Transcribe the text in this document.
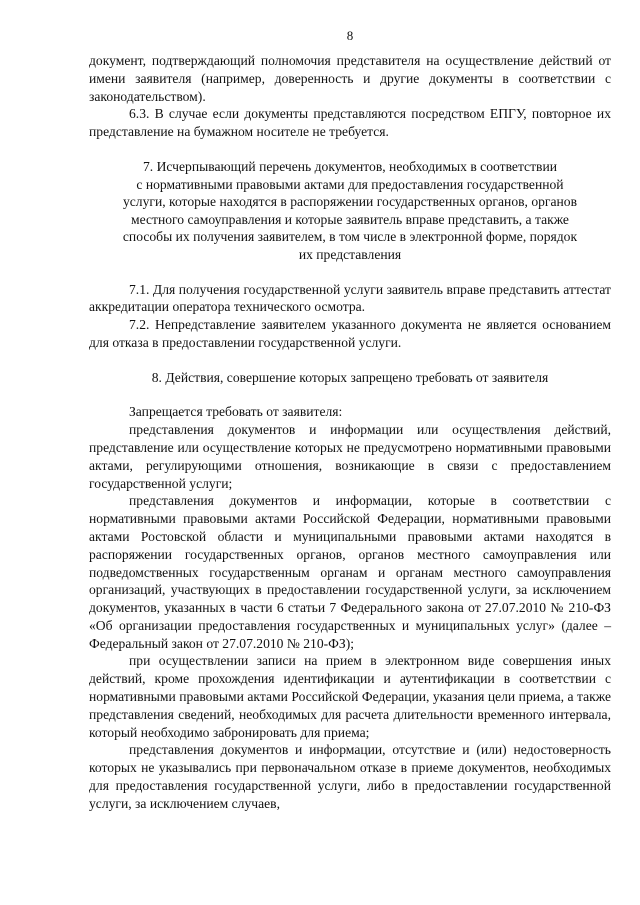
8

документ, подтверждающий полномочия представителя на осуществление действий от имени заявителя (например, доверенность и другие документы в соответствии с законодательством).

6.3. В случае если документы представляются посредством ЕПГУ, повторное их представление на бумажном носителе не требуется.

7. Исчерпывающий перечень документов, необходимых в соответствии
с нормативными правовыми актами для предоставления государственной
услуги, которые находятся в распоряжении государственных органов, органов
местного самоуправления и которые заявитель вправе представить, а также
способы их получения заявителем, в том числе в электронной форме, порядок
их представления

7.1. Для получения государственной услуги заявитель вправе представить аттестат аккредитации оператора технического осмотра.

7.2. Непредставление заявителем указанного документа не является основанием для отказа в предоставлении государственной услуги.

8. Действия, совершение которых запрещено требовать от заявителя

Запрещается требовать от заявителя:

представления документов и информации или осуществления действий, представление или осуществление которых не предусмотрено нормативными правовыми актами, регулирующими отношения, возникающие в связи с предоставлением государственной услуги;

представления документов и информации, которые в соответствии с нормативными правовыми актами Российской Федерации, нормативными правовыми актами Ростовской области и муниципальными правовыми актами находятся в распоряжении государственных органов, органов местного самоуправления или подведомственных государственным органам и органам местного самоуправления организаций, участвующих в предоставлении государственной услуги, за исключением документов, указанных в части 6 статьи 7 Федерального закона от 27.07.2010 № 210-ФЗ «Об организации предоставления государственных и муниципальных услуг» (далее – Федеральный закон от 27.07.2010 № 210-ФЗ);

при осуществлении записи на прием в электронном виде совершения иных действий, кроме прохождения идентификации и аутентификации в соответствии с нормативными правовыми актами Российской Федерации, указания цели приема, а также представления сведений, необходимых для расчета длительности временного интервала, который необходимо забронировать для приема;

представления документов и информации, отсутствие и (или) недостоверность которых не указывались при первоначальном отказе в приеме документов, необходимых для предоставления государственной услуги, либо в предоставлении государственной услуги, за исключением случаев,
